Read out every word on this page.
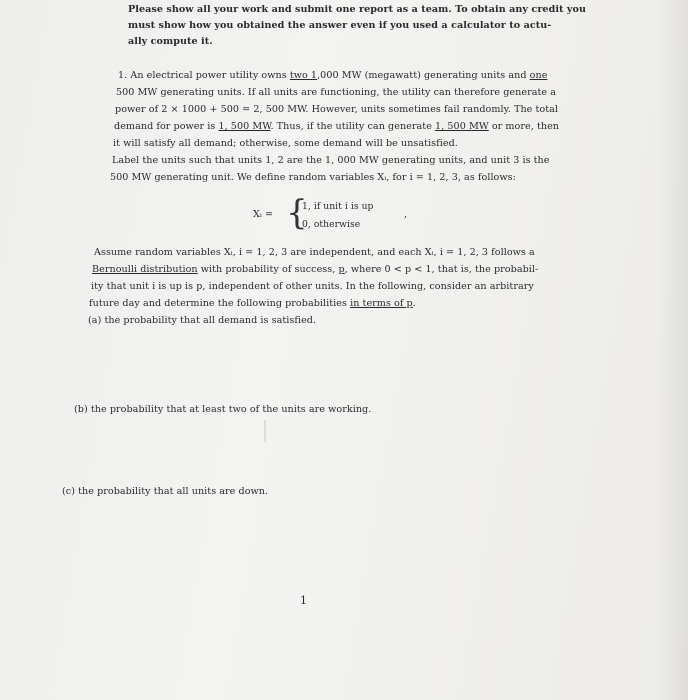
Please show all your work and submit one report as a team. To obtain any credit you
must show how you obtained the answer even if you used a calculator to actu-
ally compute it.
1. An electrical power utility owns two 1,000 MW (megawatt) generating units and one
500 MW generating units. If all units are functioning, the utility can therefore generate a
power of 2 × 1000 + 500 = 2, 500 MW. However, units sometimes fail randomly. The total
demand for power is 1, 500 MW. Thus, if the utility can generate 1, 500 MW or more, then
it will satisfy all demand; otherwise, some demand will be unsatisfied.
Label the units such that units 1, 2 are the 1, 000 MW generating units, and unit 3 is the
500 MW generating unit. We define random variables Xᵢ, for i = 1, 2, 3, as follows:
Xᵢ = {
1, if unit i is up
0, otherwise
,
Assume random variables Xᵢ, i = 1, 2, 3 are independent, and each Xᵢ, i = 1, 2, 3 follows a
Bernoulli distribution with probability of success, p, where 0 < p < 1, that is, the probabil-
ity that unit i is up is p, independent of other units. In the following, consider an arbitrary
future day and determine the following probabilities in terms of p.
(a) the probability that all demand is satisfied.
(b) the probability that at least two of the units are working.
(c) the probability that all units are down.
1
